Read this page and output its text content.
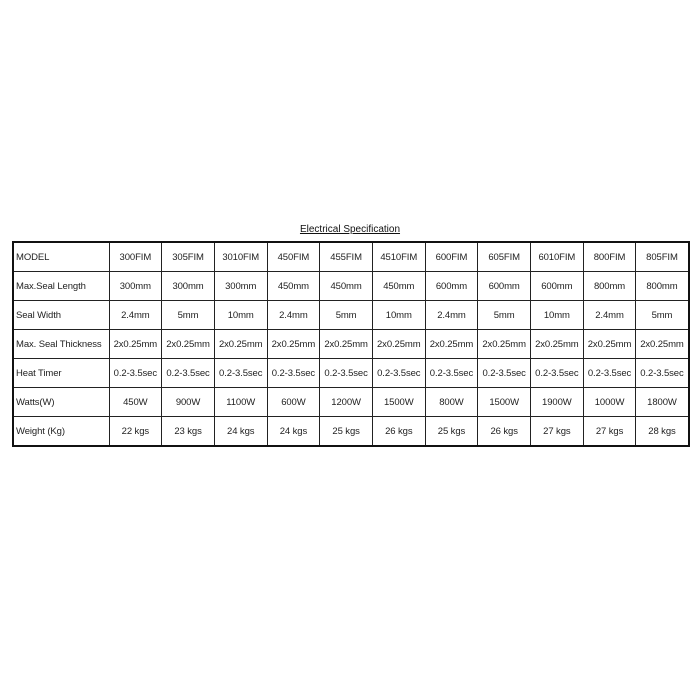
Electrical Specification
MODEL	300FIM	305FIM	3010FIM	450FIM	455FIM	4510FIM	600FIM	605FIM	6010FIM	800FIM	805FIM
Max.Seal Length	300mm	300mm	300mm	450mm	450mm	450mm	600mm	600mm	600mm	800mm	800mm
Seal Width	2.4mm	5mm	10mm	2.4mm	5mm	10mm	2.4mm	5mm	10mm	2.4mm	5mm
Max. Seal Thickness	2x0.25mm	2x0.25mm	2x0.25mm	2x0.25mm	2x0.25mm	2x0.25mm	2x0.25mm	2x0.25mm	2x0.25mm	2x0.25mm	2x0.25mm
Heat Timer	0.2-3.5sec	0.2-3.5sec	0.2-3.5sec	0.2-3.5sec	0.2-3.5sec	0.2-3.5sec	0.2-3.5sec	0.2-3.5sec	0.2-3.5sec	0.2-3.5sec	0.2-3.5sec
Watts(W)	450W	900W	1100W	600W	1200W	1500W	800W	1500W	1900W	1000W	1800W
Weight (Kg)	22 kgs	23 kgs	24 kgs	24 kgs	25 kgs	26 kgs	25 kgs	26 kgs	27 kgs	27 kgs	28 kgs
